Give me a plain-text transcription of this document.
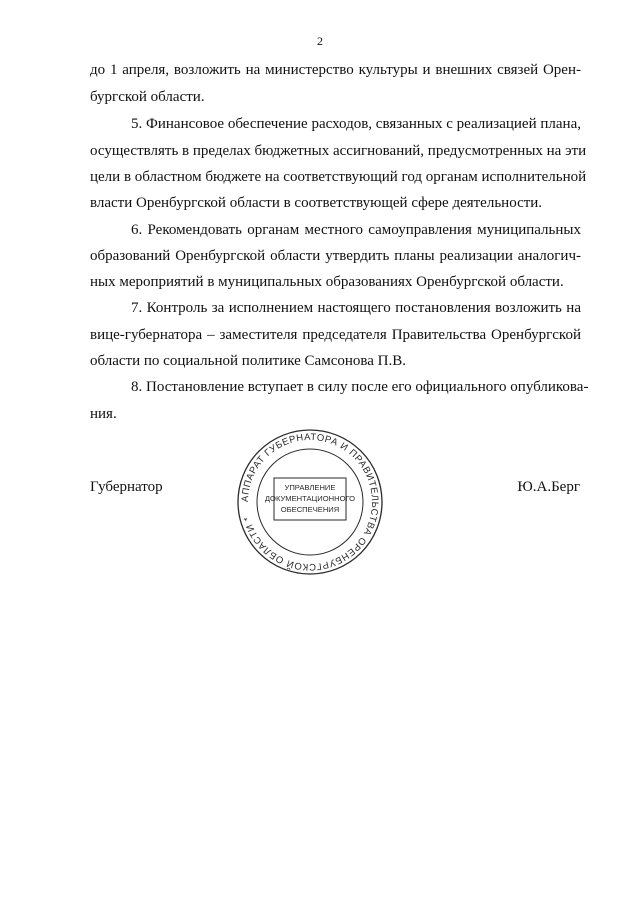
2
до 1 апреля, возложить на министерство культуры и внешних связей Орен-
бургской области.
5. Финансовое обеспечение расходов, связанных с реализацией плана,
осуществлять в пределах бюджетных ассигнований, предусмотренных на эти
цели в областном бюджете на соответствующий год органам исполнительной
власти Оренбургской области в соответствующей сфере деятельности.
6. Рекомендовать органам местного самоуправления муниципальных
образований Оренбургской области утвердить планы реализации аналогич-
ных мероприятий в муниципальных образованиях Оренбургской области.
7. Контроль за исполнением настоящего постановления возложить на
вице-губернатора – заместителя председателя Правительства Оренбургской
области по социальной политике Самсонова П.В.
8. Постановление вступает в силу после его официального опубликова-
ния.
Губернатор	Ю.А.Берг
АППАРАТ ГУБЕРНАТОРА И ПРАВИТЕЛЬСТВА ОРЕНБУРГСКОЙ ОБЛАСТИ *
УПРАВЛЕНИЕ
ДОКУМЕНТАЦИОННОГО
ОБЕСПЕЧЕНИЯ
